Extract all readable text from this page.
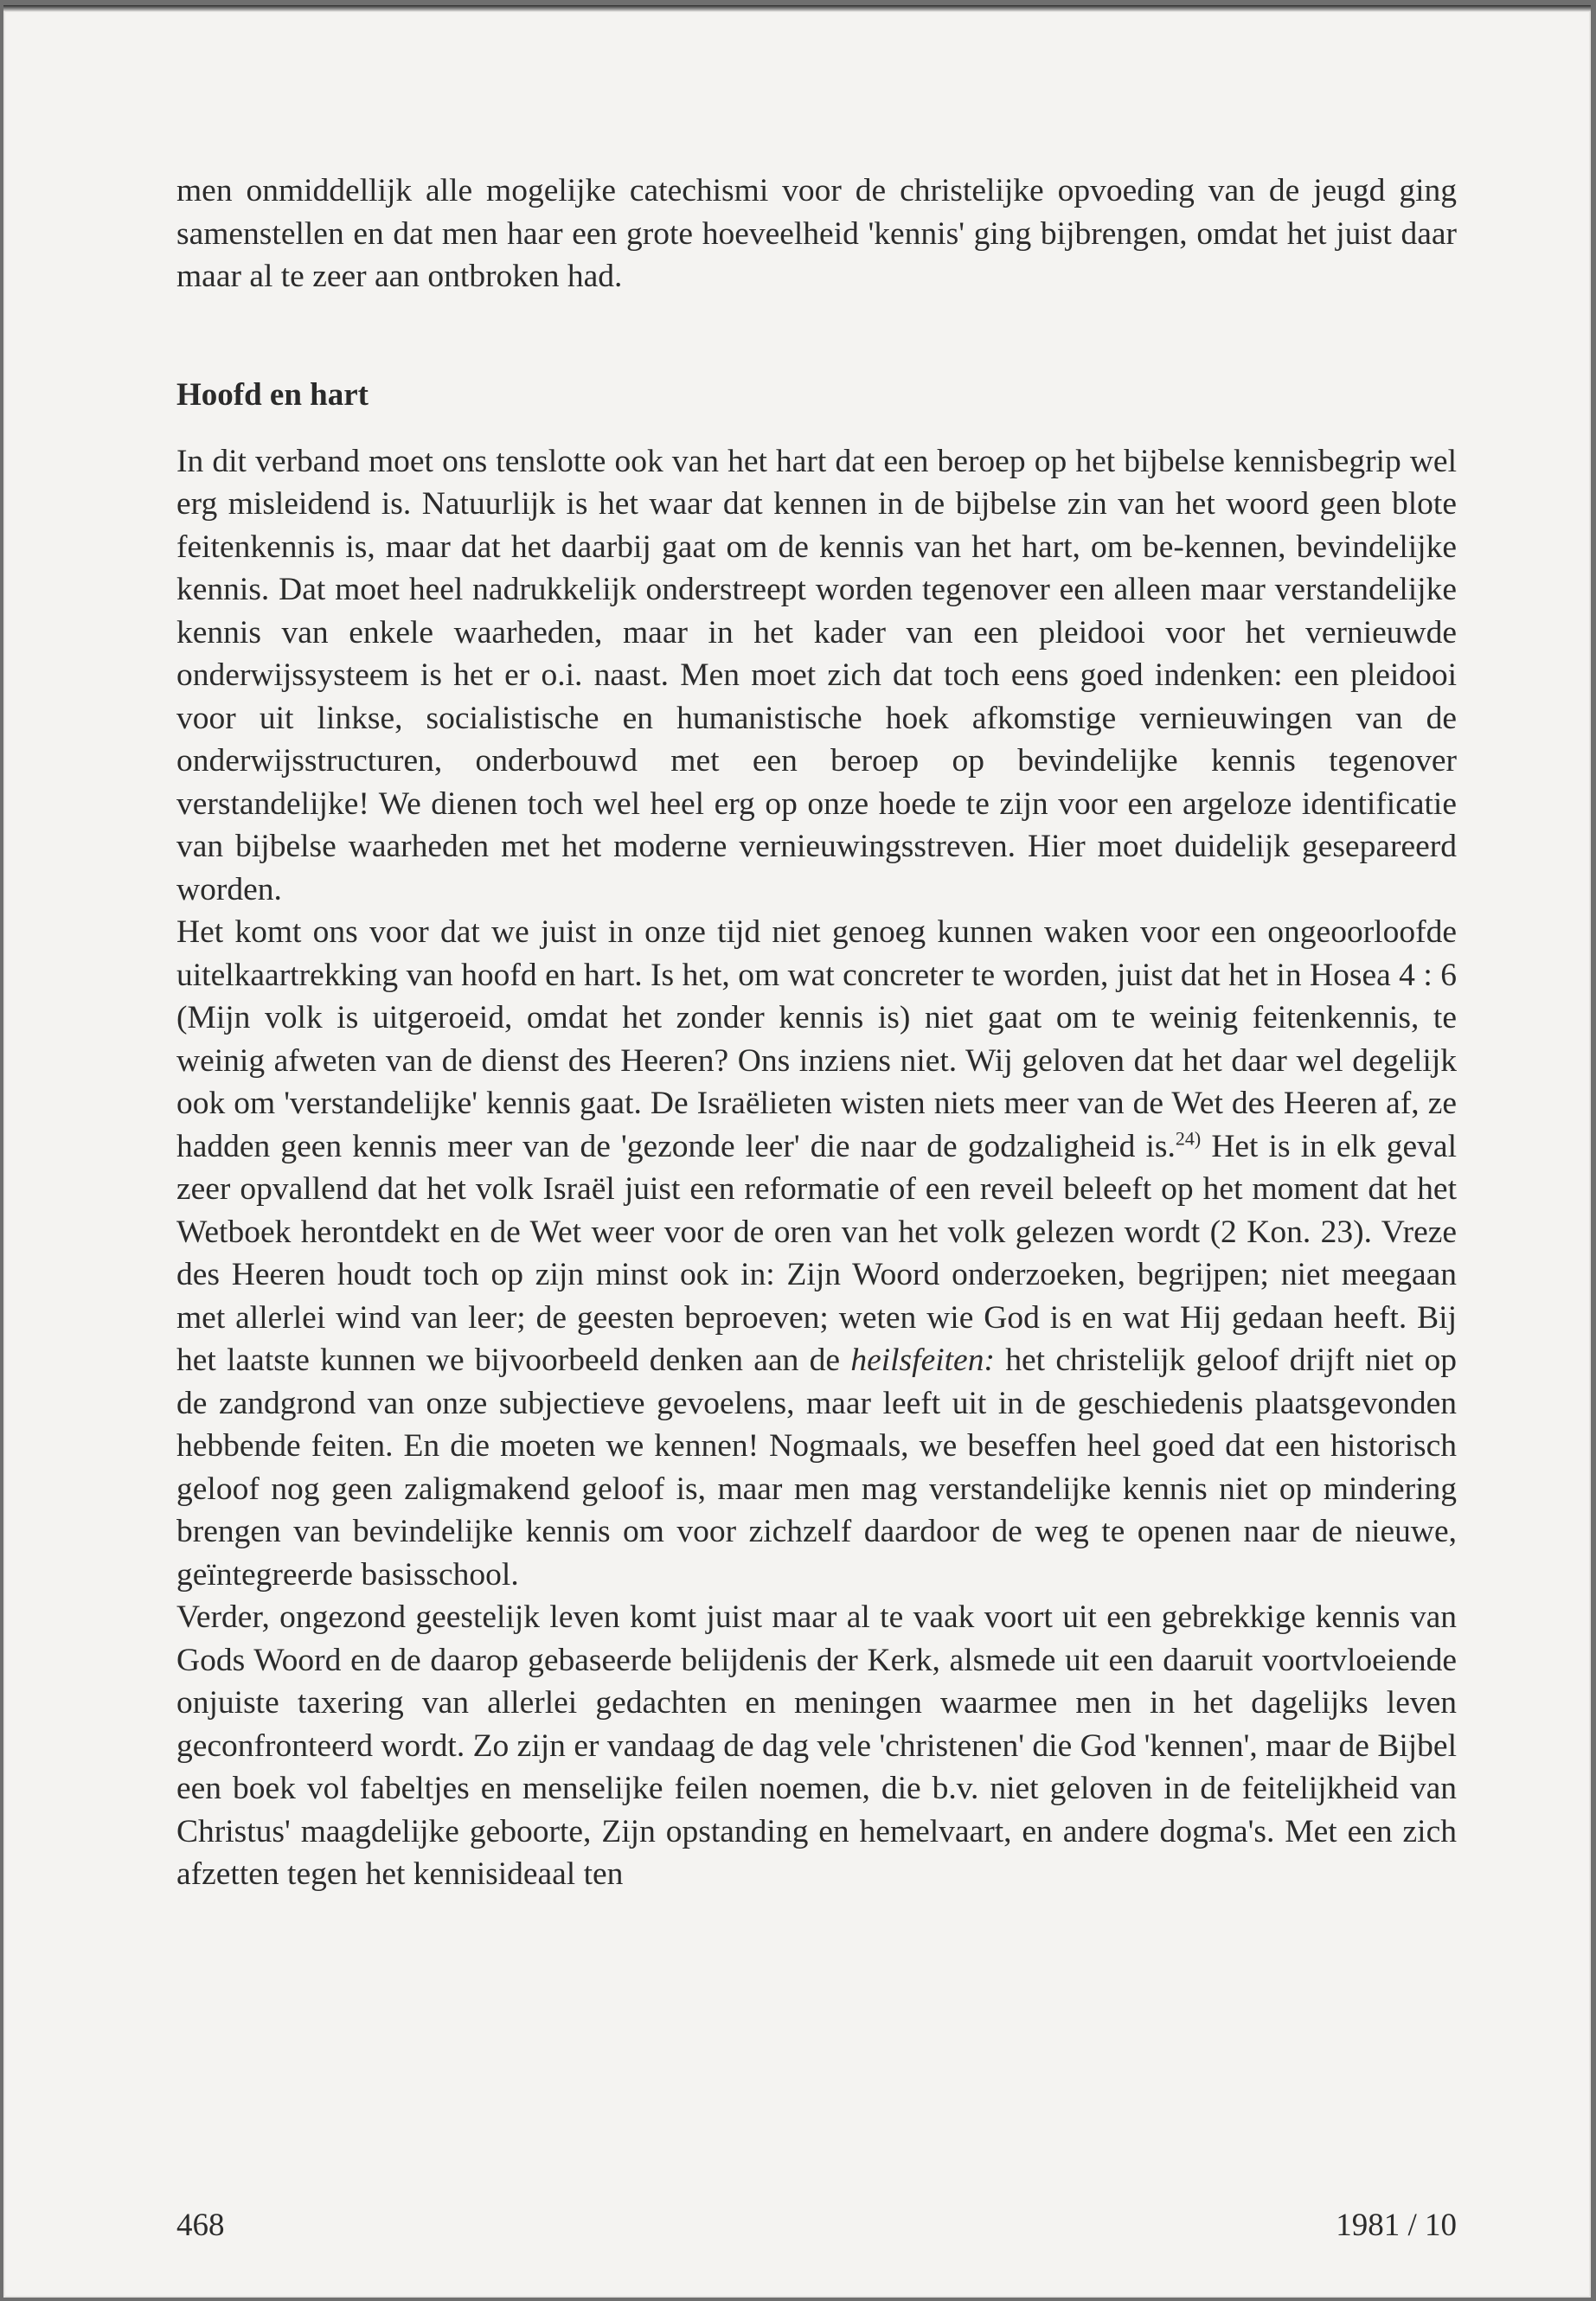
men onmiddellijk alle mogelijke catechismi voor de christelijke opvoeding van de jeugd ging samenstellen en dat men haar een grote hoeveelheid 'kennis' ging bijbrengen, omdat het juist daar maar al te zeer aan ontbroken had.

Hoofd en hart

In dit verband moet ons tenslotte ook van het hart dat een beroep op het bijbelse kennisbegrip wel erg misleidend is. Natuurlijk is het waar dat kennen in de bijbelse zin van het woord geen blote feitenkennis is, maar dat het daarbij gaat om de kennis van het hart, om be-kennen, bevindelijke kennis. Dat moet heel nadrukkelijk onderstreept worden tegenover een alleen maar verstandelijke kennis van enkele waarheden, maar in het kader van een pleidooi voor het vernieuwde onderwijssysteem is het er o.i. naast. Men moet zich dat toch eens goed indenken: een pleidooi voor uit linkse, socialistische en humanistische hoek afkomstige vernieuwingen van de onderwijsstructuren, onderbouwd met een beroep op bevindelijke kennis tegenover verstandelijke! We dienen toch wel heel erg op onze hoede te zijn voor een argeloze identificatie van bijbelse waarheden met het moderne vernieuwingsstreven. Hier moet duidelijk gesepareerd worden.

Het komt ons voor dat we juist in onze tijd niet genoeg kunnen waken voor een ongeoorloofde uitelkaartrekking van hoofd en hart. Is het, om wat concreter te worden, juist dat het in Hosea 4 : 6 (Mijn volk is uitgeroeid, omdat het zonder kennis is) niet gaat om te weinig feitenkennis, te weinig afweten van de dienst des Heeren? Ons inziens niet. Wij geloven dat het daar wel degelijk ook om 'verstandelijke' kennis gaat. De Israëlieten wisten niets meer van de Wet des Heeren af, ze hadden geen kennis meer van de 'gezonde leer' die naar de godzaligheid is.$^{24)}$ Het is in elk geval zeer opvallend dat het volk Israël juist een reformatie of een reveil beleeft op het moment dat het Wetboek herontdekt en de Wet weer voor de oren van het volk gelezen wordt (2 Kon. 23). Vreze des Heeren houdt toch op zijn minst ook in: Zijn Woord onderzoeken, begrijpen; niet meegaan met allerlei wind van leer; de geesten beproeven; weten wie God is en wat Hij gedaan heeft. Bij het laatste kunnen we bijvoorbeeld denken aan de heilsfeiten: het christelijk geloof drijft niet op de zandgrond van onze subjectieve gevoelens, maar leeft uit in de geschiedenis plaatsgevonden hebbende feiten. En die moeten we kennen! Nogmaals, we beseffen heel goed dat een historisch geloof nog geen zaligmakend geloof is, maar men mag verstandelijke kennis niet op mindering brengen van bevindelijke kennis om voor zichzelf daardoor de weg te openen naar de nieuwe, geïntegreerde basisschool.

Verder, ongezond geestelijk leven komt juist maar al te vaak voort uit een gebrekkige kennis van Gods Woord en de daarop gebaseerde belijdenis der Kerk, alsmede uit een daaruit voortvloeiende onjuiste taxering van allerlei gedachten en meningen waarmee men in het dagelijks leven geconfronteerd wordt. Zo zijn er vandaag de dag vele 'christenen' die God 'kennen', maar de Bijbel een boek vol fabeltjes en menselijke feilen noemen, die b.v. niet geloven in de feitelijkheid van Christus' maagdelijke geboorte, Zijn opstanding en hemelvaart, en andere dogma's. Met een zich afzetten tegen het kennisideaal ten

468	1981 / 10
